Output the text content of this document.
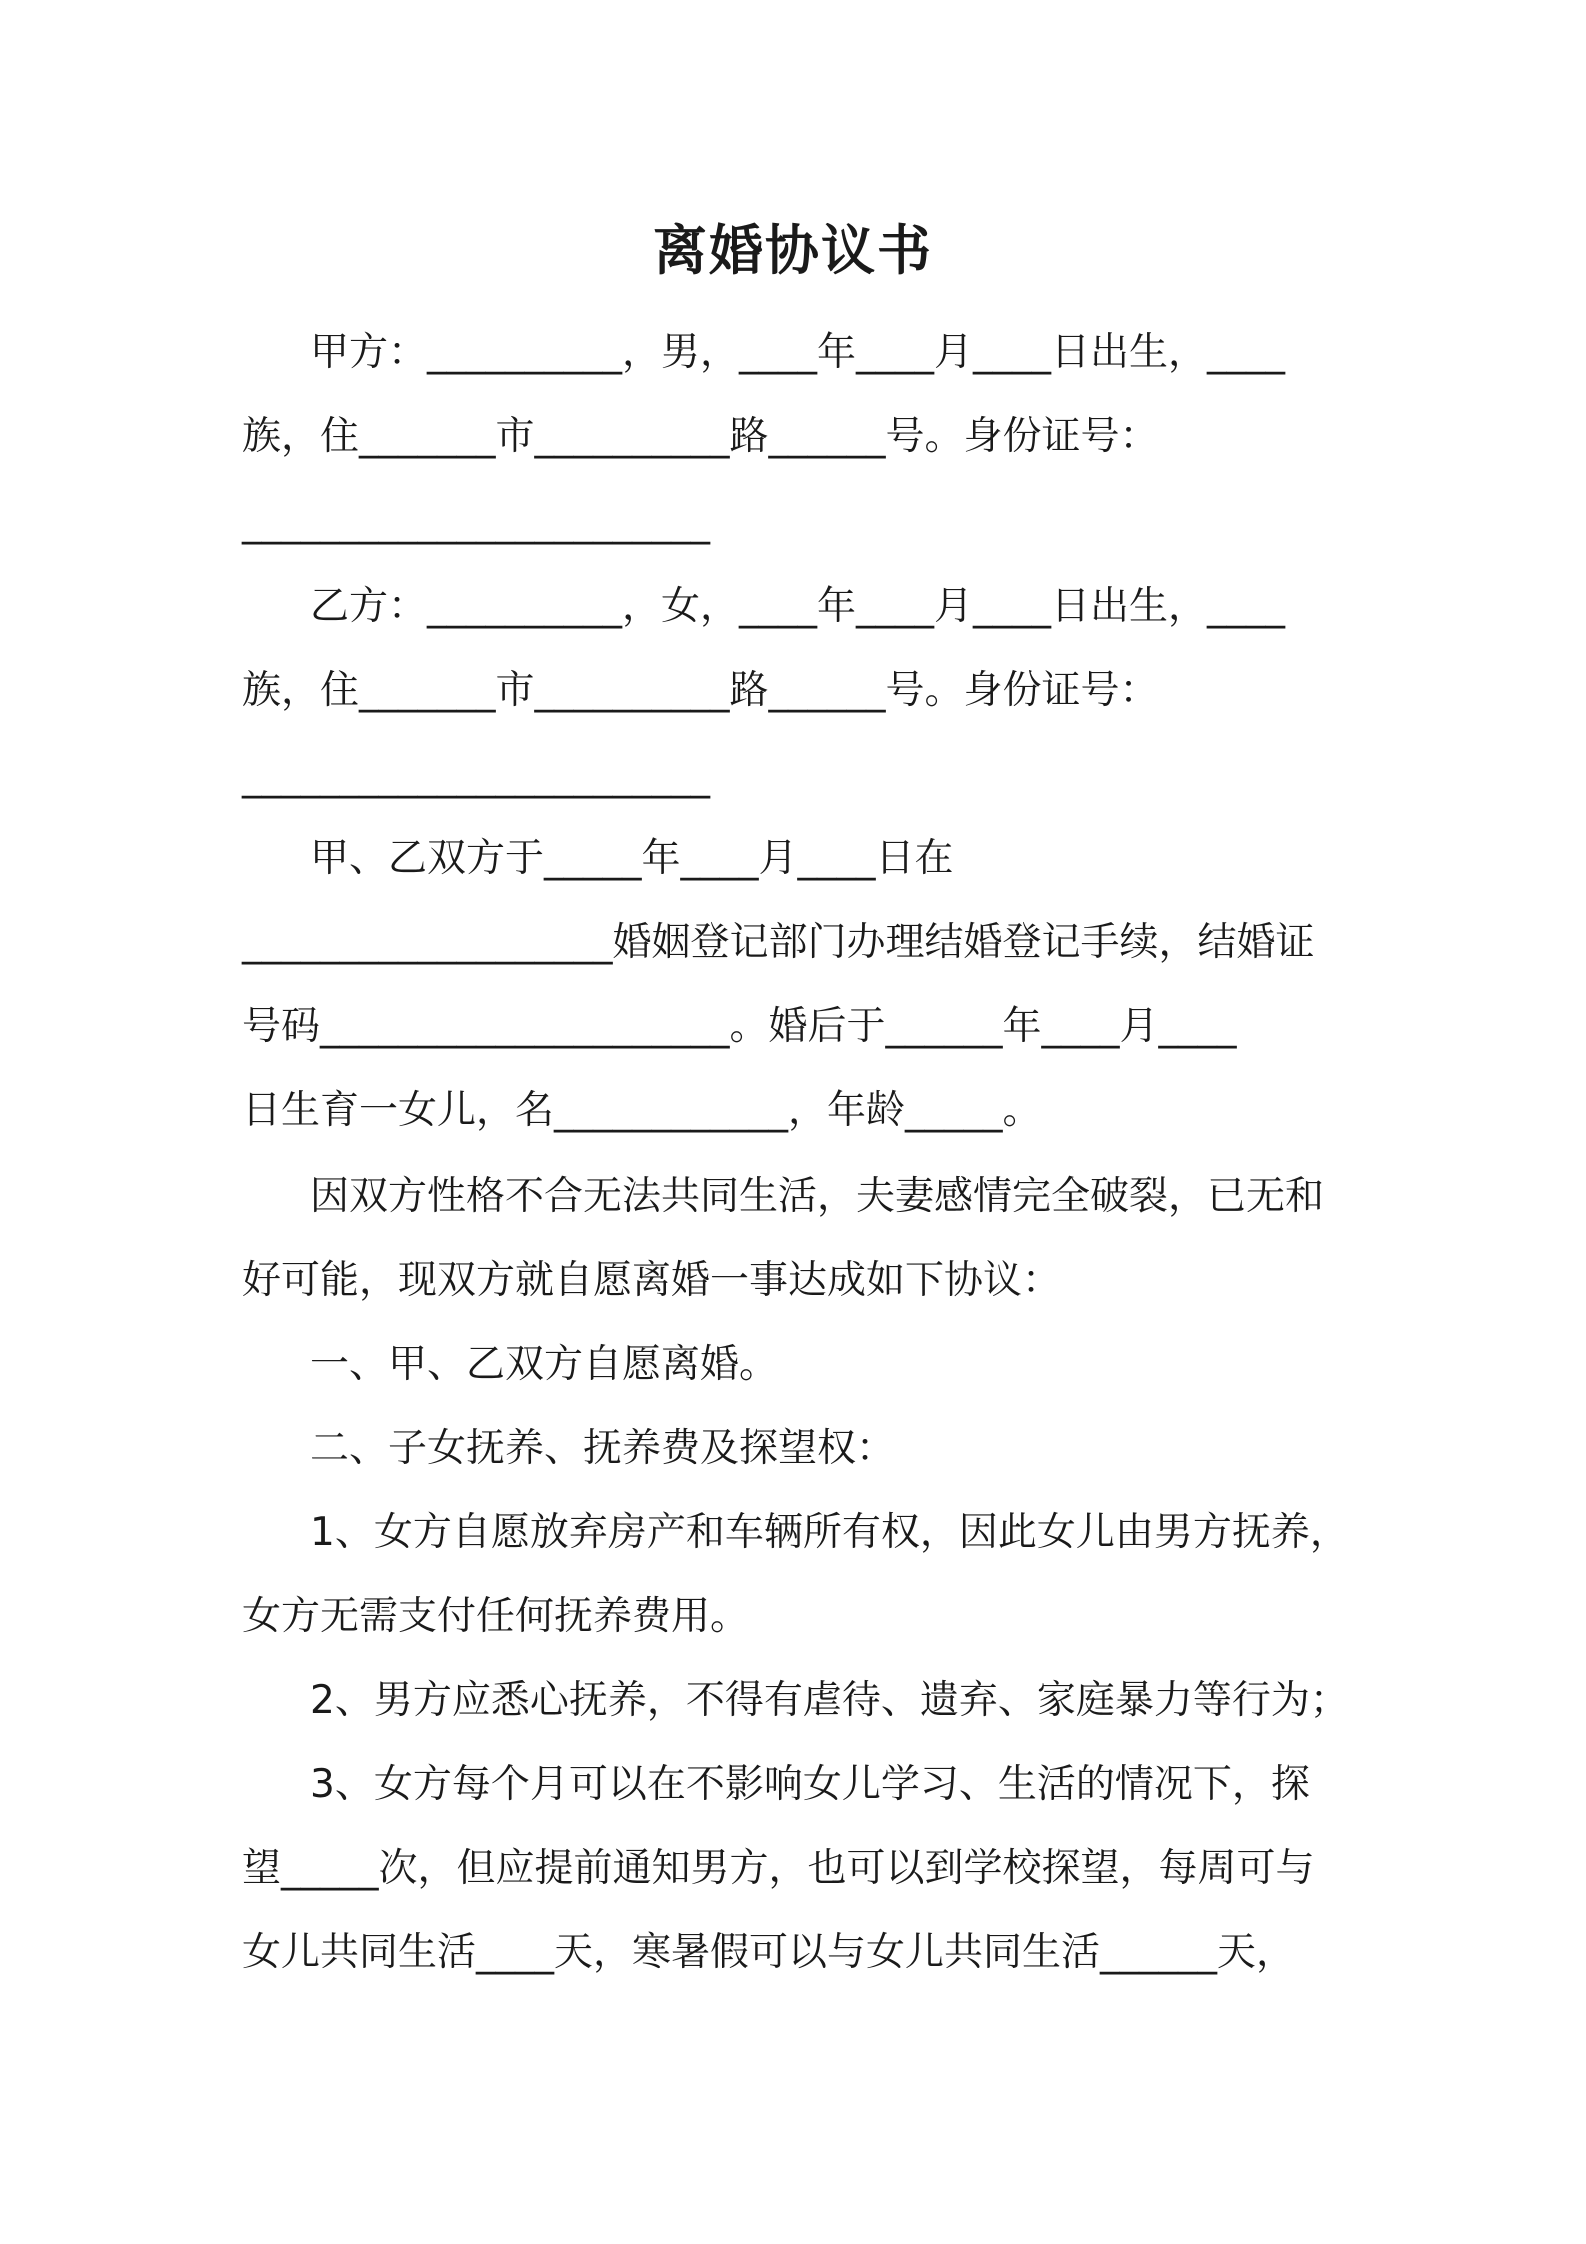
离婚协议书
甲方：__________，男，____年____月____日出生，____
族，住_______市__________路______号。身份证号：
________________________
乙方：__________，女，____年____月____日出生，____
族，住_______市__________路______号。身份证号：
________________________
甲、乙双方于_____年____月____日在
___________________婚姻登记部门办理结婚登记手续，结婚证
号码_____________________。婚后于______年____月____
日生育一女儿，名____________，年龄_____。
因双方性格不合无法共同生活，夫妻感情完全破裂，已无和
好可能，现双方就自愿离婚一事达成如下协议：
一、甲、乙双方自愿离婚。
二、子女抚养、抚养费及探望权：
1、女方自愿放弃房产和车辆所有权，因此女儿由男方抚养，
女方无需支付任何抚养费用。
2、男方应悉心抚养，不得有虐待、遗弃、家庭暴力等行为；
3、女方每个月可以在不影响女儿学习、生活的情况下，探
望_____次，但应提前通知男方，也可以到学校探望，每周可与
女儿共同生活____天，寒暑假可以与女儿共同生活______天，
